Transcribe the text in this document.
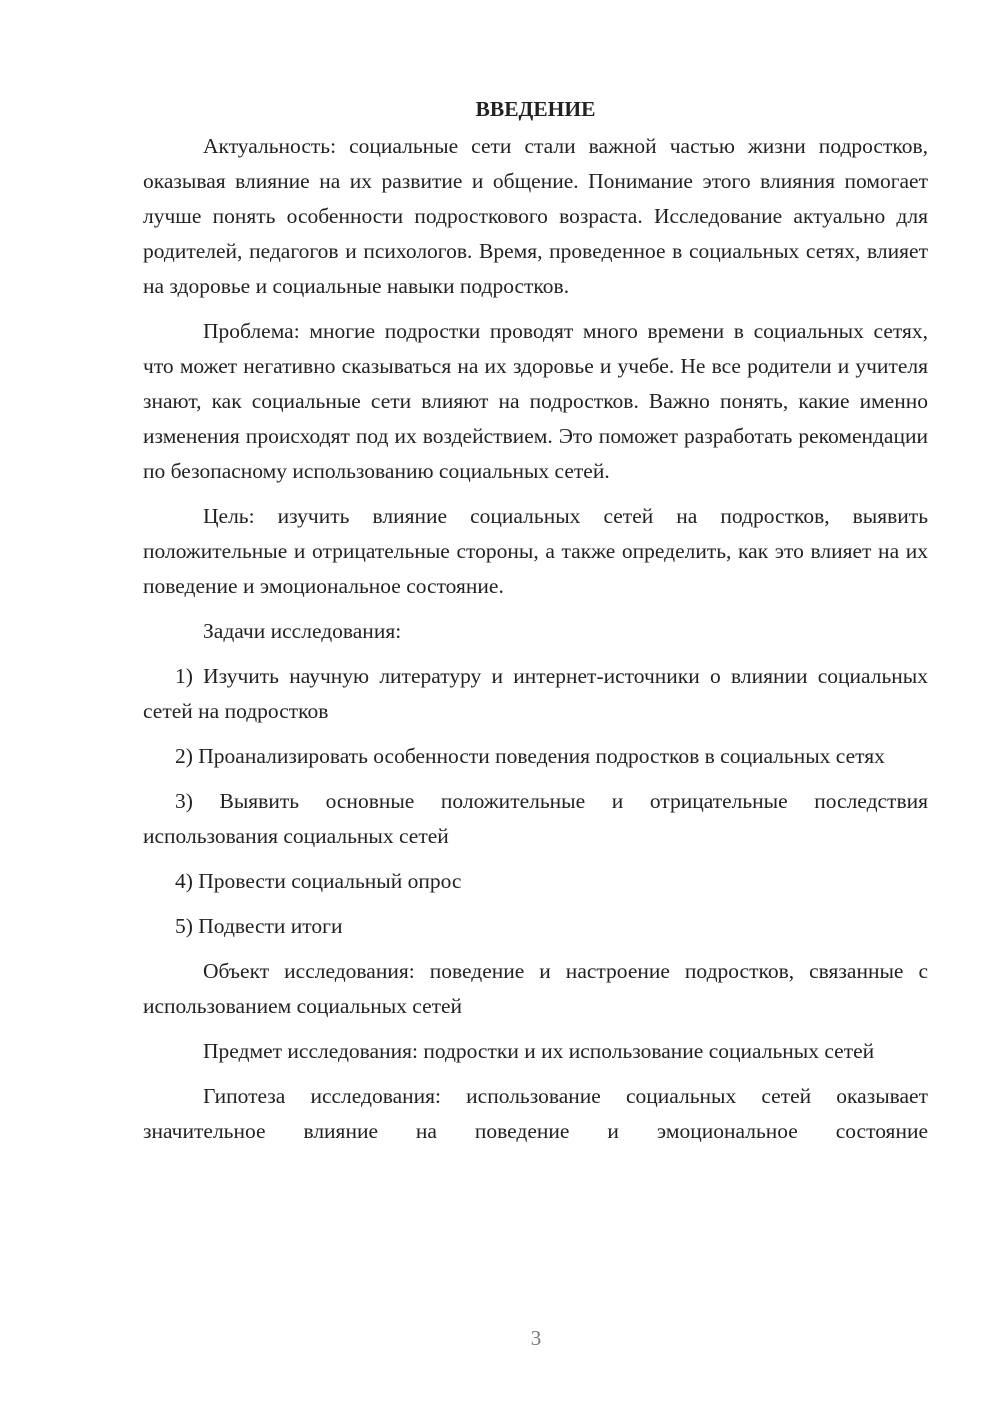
ВВЕДЕНИЕ

Актуальность: социальные сети стали важной частью жизни подростков, оказывая влияние на их развитие и общение. Понимание этого влияния помогает лучше понять особенности подросткового возраста. Исследование актуально для родителей, педагогов и психологов. Время, проведенное в социальных сетях, влияет на здоровье и социальные навыки подростков.

Проблема: многие подростки проводят много времени в социальных сетях, что может негативно сказываться на их здоровье и учебе. Не все родители и учителя знают, как социальные сети влияют на подростков. Важно понять, какие именно изменения происходят под их воздействием. Это поможет разработать рекомендации по безопасному использованию социальных сетей.

Цель: изучить влияние социальных сетей на подростков, выявить положительные и отрицательные стороны, а также определить, как это влияет на их поведение и эмоциональное состояние.

Задачи исследования:

1) Изучить научную литературу и интернет-источники о влиянии социальных сетей на подростков

2) Проанализировать особенности поведения подростков в социальных сетях

3) Выявить основные положительные и отрицательные последствия использования социальных сетей

4) Провести социальный опрос

5) Подвести итоги

Объект исследования: поведение и настроение подростков, связанные с использованием социальных сетей

Предмет исследования: подростки и их использование социальных сетей

Гипотеза исследования: использование социальных сетей оказывает значительное влияние на поведение и эмоциональное состояние

3
